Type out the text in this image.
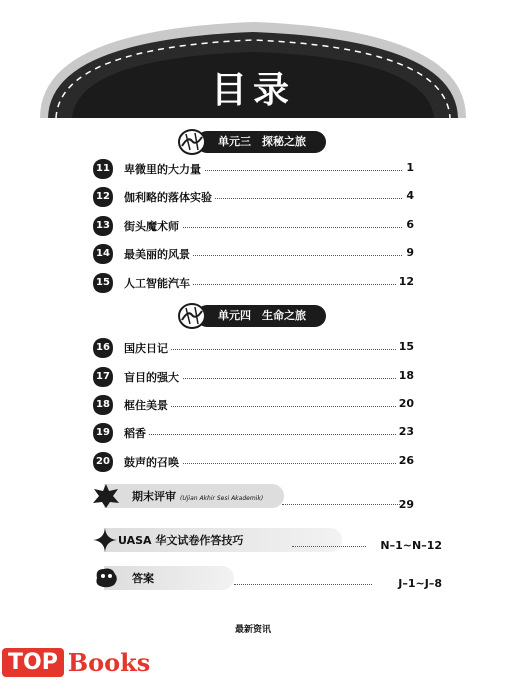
目录
单元三　探秘之旅
11	卑微里的大力量	1
12	伽利略的落体实验	4
13	街头魔术师	6
14	最美丽的风景	9
15	人工智能汽车	12
单元四　生命之旅
16	国庆日记	15
17	盲目的强大	18
18	框住美景	20
19	稻香	23
20	鼓声的召唤	26
期末评审 (Ujian Akhir Sesi Akademik)	29
UASA 华文试卷作答技巧	N–1~N–12
答案	J–1~J–8
最新资讯
TOP Books
